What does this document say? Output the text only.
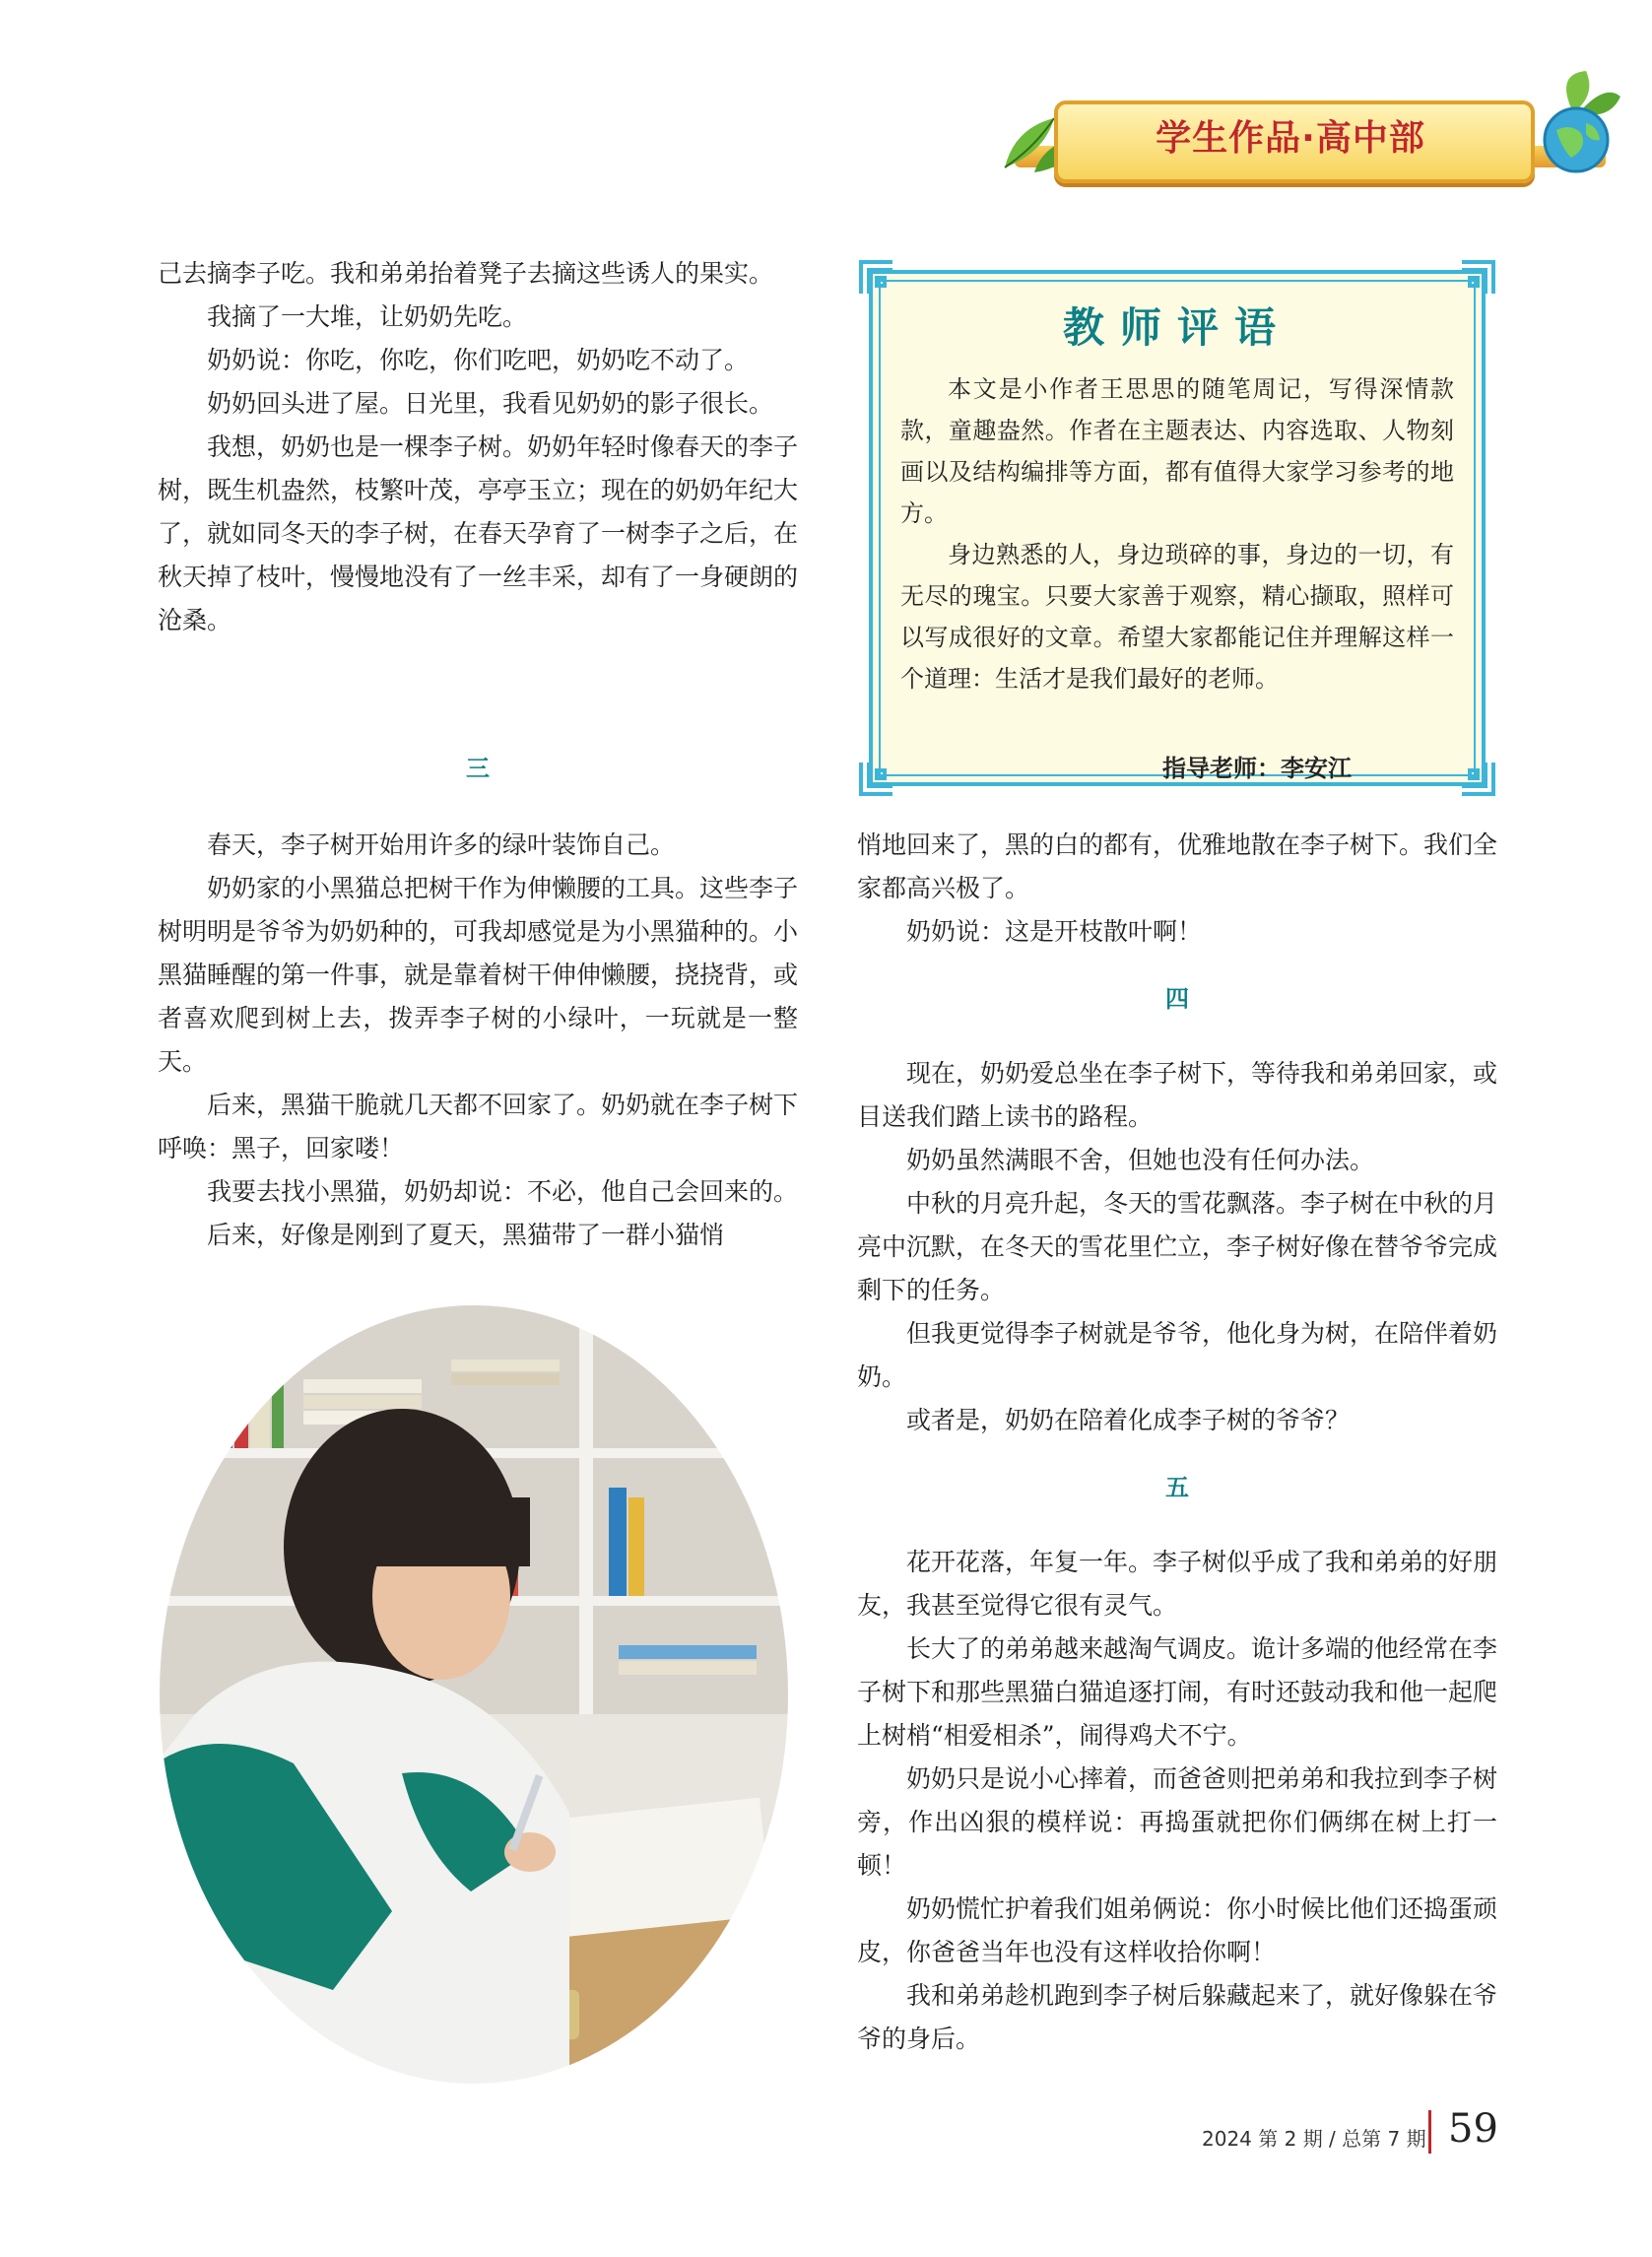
学生作品·高中部

己去摘李子吃。我和弟弟抬着凳子去摘这些诱人的果实。

我摘了一大堆，让奶奶先吃。

奶奶说：你吃，你吃，你们吃吧，奶奶吃不动了。

奶奶回头进了屋。日光里，我看见奶奶的影子很长。

我想，奶奶也是一棵李子树。奶奶年轻时像春天的李子树，既生机盎然，枝繁叶茂，亭亭玉立；现在的奶奶年纪大了，就如同冬天的李子树，在春天孕育了一树李子之后，在秋天掉了枝叶，慢慢地没有了一丝丰采，却有了一身硬朗的沧桑。

三

春天，李子树开始用许多的绿叶装饰自己。

奶奶家的小黑猫总把树干作为伸懒腰的工具。这些李子树明明是爷爷为奶奶种的，可我却感觉是为小黑猫种的。小黑猫睡醒的第一件事，就是靠着树干伸伸懒腰，挠挠背，或者喜欢爬到树上去，拨弄李子树的小绿叶，一玩就是一整天。

后来，黑猫干脆就几天都不回家了。奶奶就在李子树下呼唤：黑子，回家喽！

我要去找小黑猫，奶奶却说：不必，他自己会回来的。

后来，好像是刚到了夏天，黑猫带了一群小猫悄

教师评语

本文是小作者王思思的随笔周记，写得深情款款，童趣盎然。作者在主题表达、内容选取、人物刻画以及结构编排等方面，都有值得大家学习参考的地方。

身边熟悉的人，身边琐碎的事，身边的一切，有无尽的瑰宝。只要大家善于观察，精心撷取，照样可以写成很好的文章。希望大家都能记住并理解这样一个道理：生活才是我们最好的老师。

指导老师：李安江

悄地回来了，黑的白的都有，优雅地散在李子树下。我们全家都高兴极了。

奶奶说：这是开枝散叶啊！

四

现在，奶奶爱总坐在李子树下，等待我和弟弟回家，或目送我们踏上读书的路程。

奶奶虽然满眼不舍，但她也没有任何办法。

中秋的月亮升起，冬天的雪花飘落。李子树在中秋的月亮中沉默，在冬天的雪花里伫立，李子树好像在替爷爷完成剩下的任务。

但我更觉得李子树就是爷爷，他化身为树，在陪伴着奶奶。

或者是，奶奶在陪着化成李子树的爷爷？

五

花开花落，年复一年。李子树似乎成了我和弟弟的好朋友，我甚至觉得它很有灵气。

长大了的弟弟越来越淘气调皮。诡计多端的他经常在李子树下和那些黑猫白猫追逐打闹，有时还鼓动我和他一起爬上树梢“相爱相杀”，闹得鸡犬不宁。

奶奶只是说小心摔着，而爸爸则把弟弟和我拉到李子树旁，作出凶狠的模样说：再捣蛋就把你们俩绑在树上打一顿！

奶奶慌忙护着我们姐弟俩说：你小时候比他们还捣蛋顽皮，你爸爸当年也没有这样收拾你啊！

我和弟弟趁机跑到李子树后躲藏起来了，就好像躲在爷爷的身后。

2024 第 2 期 / 总第 7 期 59
